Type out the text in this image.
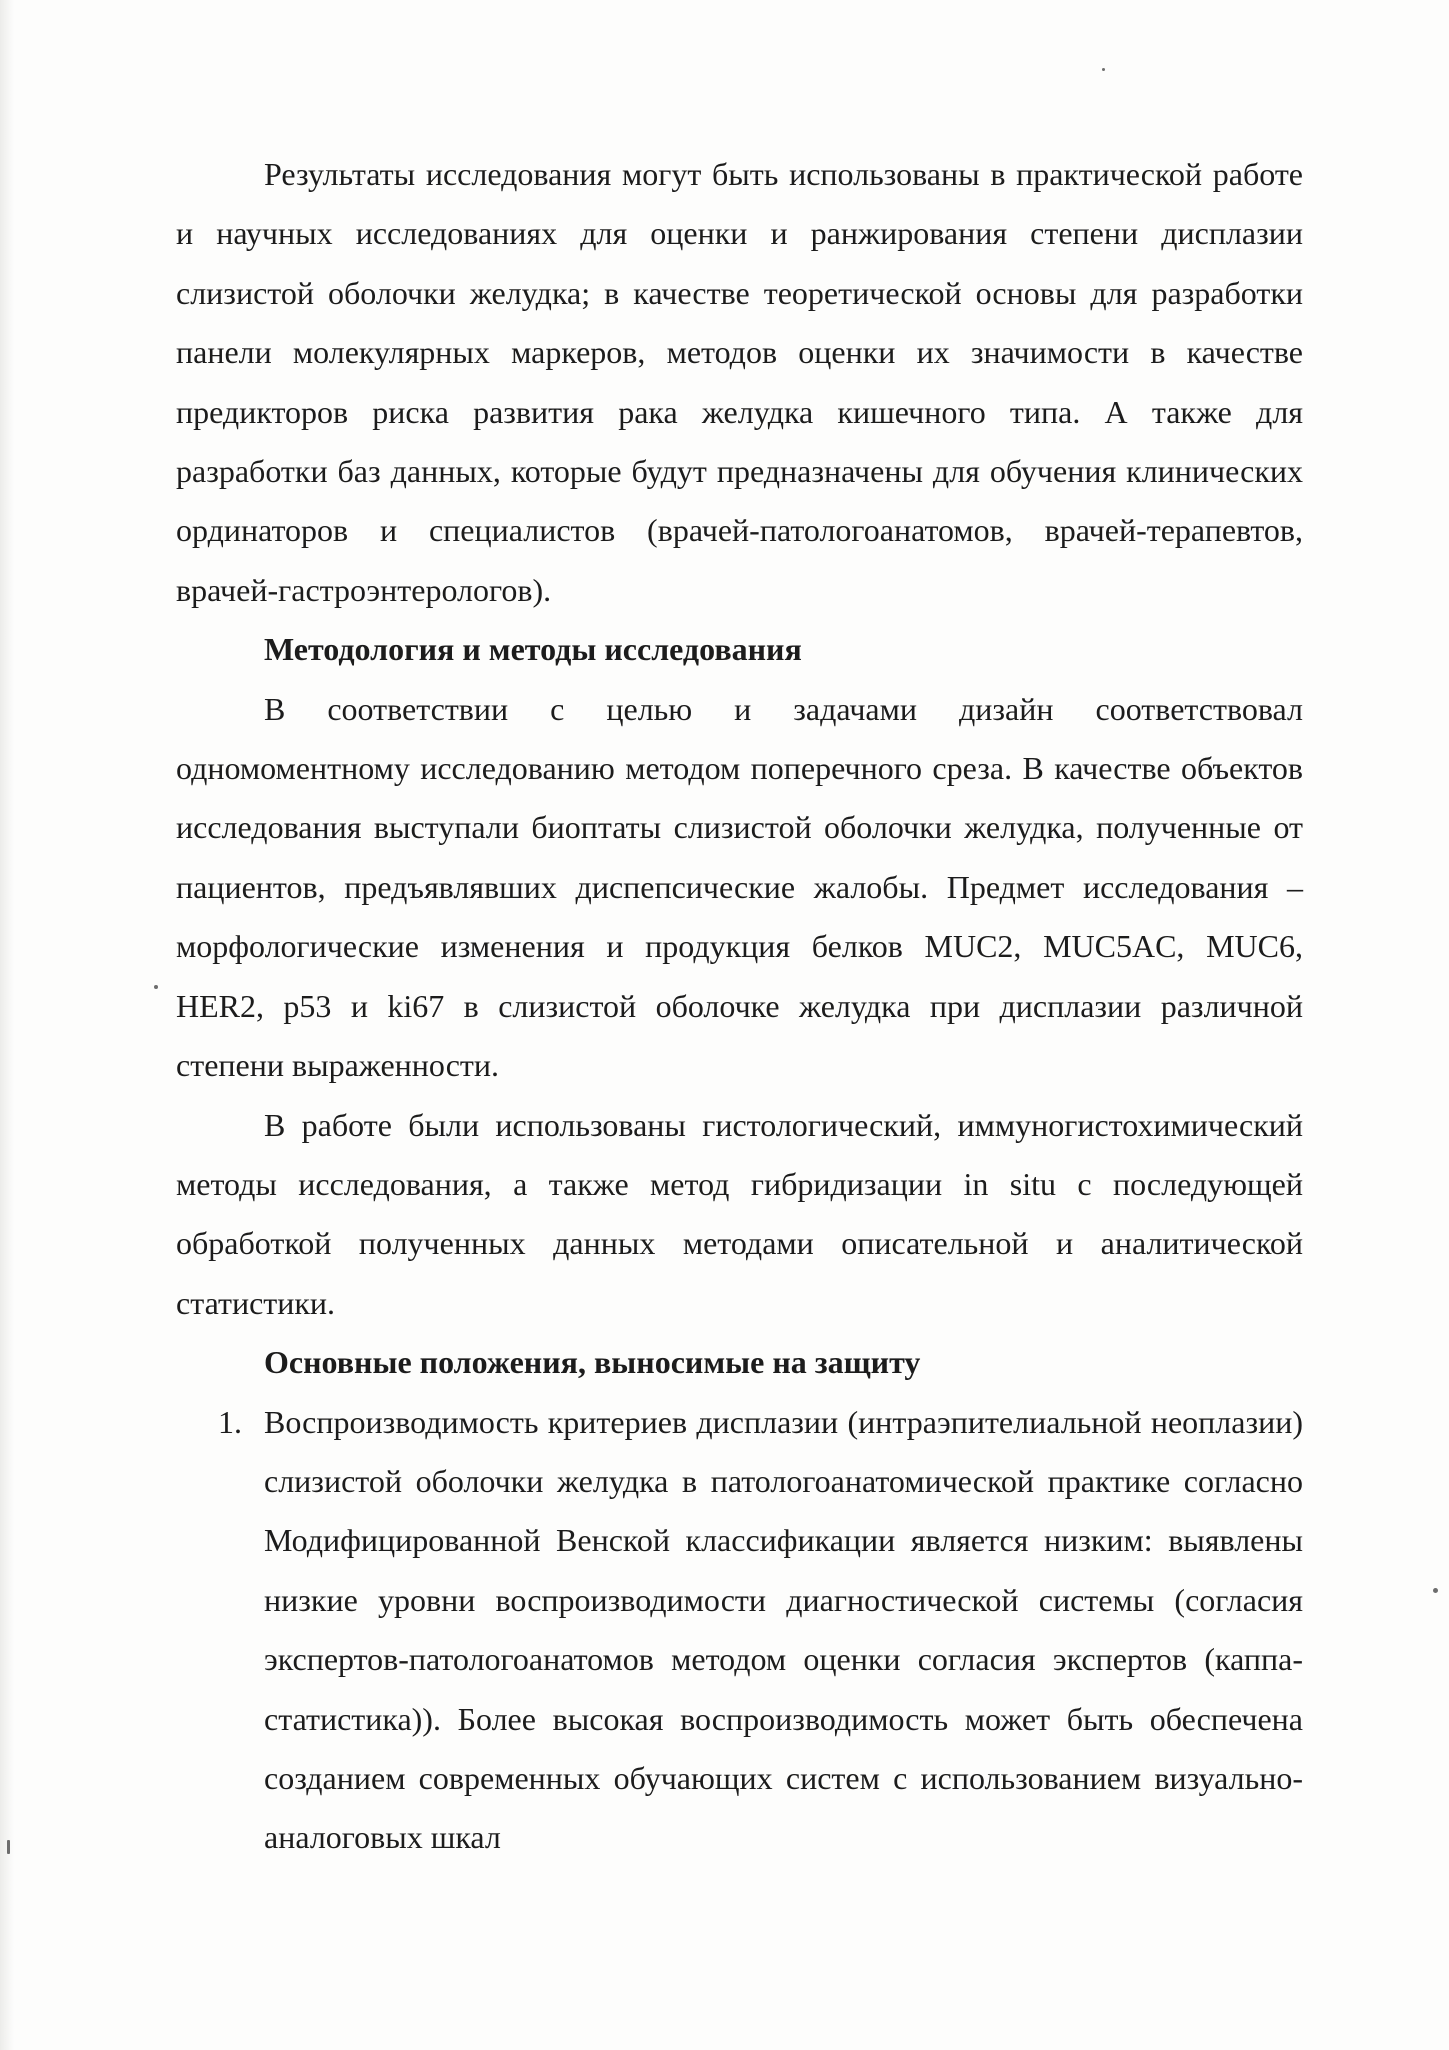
Результаты исследования могут быть использованы в практической работе и научных исследованиях для оценки и ранжирования степени дисплазии слизистой оболочки желудка; в качестве теоретической основы для разработки панели молекулярных маркеров, методов оценки их значимости в качестве предикторов риска развития рака желудка кишечного типа. А также для разработки баз данных, которые будут предназначены для обучения клинических ординаторов и специалистов (врачей-патологоанатомов, врачей-терапевтов, врачей-гастроэнтерологов).

Методология и методы исследования

В соответствии с целью и задачами дизайн соответствовал одномоментному исследованию методом поперечного среза. В качестве объектов исследования выступали биоптаты слизистой оболочки желудка, полученные от пациентов, предъявлявших диспепсические жалобы. Предмет исследования – морфологические изменения и продукция белков MUC2, MUC5AC, MUC6, HER2, p53 и ki67 в слизистой оболочке желудка при дисплазии различной степени выраженности.

В работе были использованы гистологический, иммуногистохимический методы исследования, а также метод гибридизации in situ с последующей обработкой полученных данных методами описательной и аналитической статистики.

Основные положения, выносимые на защиту

1. Воспроизводимость критериев дисплазии (интраэпителиальной неоплазии) слизистой оболочки желудка в патологоанатомической практике согласно Модифицированной Венской классификации является низким: выявлены низкие уровни воспроизводимости диагностической системы (согласия экспертов-патологоанатомов методом оценки согласия экспертов (каппа-статистика)). Более высокая воспроизводимость может быть обеспечена созданием современных обучающих систем с использованием визуально-аналоговых шкал
